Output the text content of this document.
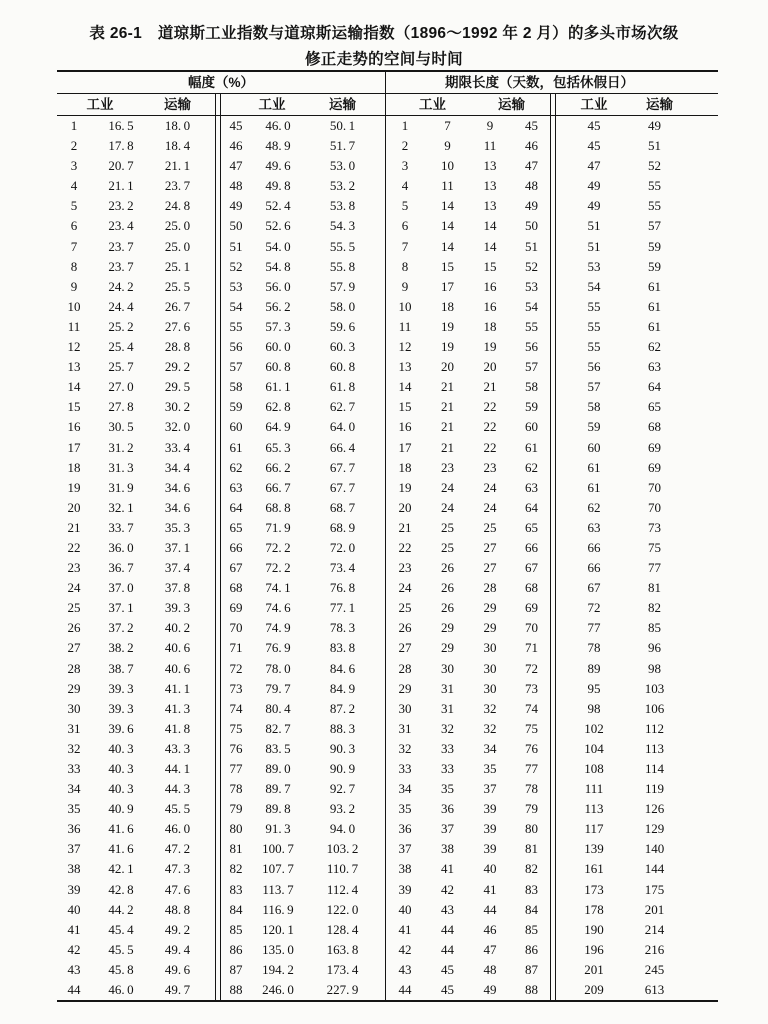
表 26-1　道琼斯工业指数与道琼斯运输指数（1896～1992 年 2 月）的多头市场次级
修正走势的空间与时间
幅度（%）	期限长度（天数，包括休假日）
工业	运输	工业	运输	工业	运输	工业	运输
1	16. 5	18. 0	45	46. 0	50. 1	1	7	9	45	45	49
2	17. 8	18. 4	46	48. 9	51. 7	2	9	11	46	45	51
3	20. 7	21. 1	47	49. 6	53. 0	3	10	13	47	47	52
4	21. 1	23. 7	48	49. 8	53. 2	4	11	13	48	49	55
5	23. 2	24. 8	49	52. 4	53. 8	5	14	13	49	49	55
6	23. 4	25. 0	50	52. 6	54. 3	6	14	14	50	51	57
7	23. 7	25. 0	51	54. 0	55. 5	7	14	14	51	51	59
8	23. 7	25. 1	52	54. 8	55. 8	8	15	15	52	53	59
9	24. 2	25. 5	53	56. 0	57. 9	9	17	16	53	54	61
10	24. 4	26. 7	54	56. 2	58. 0	10	18	16	54	55	61
11	25. 2	27. 6	55	57. 3	59. 6	11	19	18	55	55	61
12	25. 4	28. 8	56	60. 0	60. 3	12	19	19	56	55	62
13	25. 7	29. 2	57	60. 8	60. 8	13	20	20	57	56	63
14	27. 0	29. 5	58	61. 1	61. 8	14	21	21	58	57	64
15	27. 8	30. 2	59	62. 8	62. 7	15	21	22	59	58	65
16	30. 5	32. 0	60	64. 9	64. 0	16	21	22	60	59	68
17	31. 2	33. 4	61	65. 3	66. 4	17	21	22	61	60	69
18	31. 3	34. 4	62	66. 2	67. 7	18	23	23	62	61	69
19	31. 9	34. 6	63	66. 7	67. 7	19	24	24	63	61	70
20	32. 1	34. 6	64	68. 8	68. 7	20	24	24	64	62	70
21	33. 7	35. 3	65	71. 9	68. 9	21	25	25	65	63	73
22	36. 0	37. 1	66	72. 2	72. 0	22	25	27	66	66	75
23	36. 7	37. 4	67	72. 2	73. 4	23	26	27	67	66	77
24	37. 0	37. 8	68	74. 1	76. 8	24	26	28	68	67	81
25	37. 1	39. 3	69	74. 6	77. 1	25	26	29	69	72	82
26	37. 2	40. 2	70	74. 9	78. 3	26	29	29	70	77	85
27	38. 2	40. 6	71	76. 9	83. 8	27	29	30	71	78	96
28	38. 7	40. 6	72	78. 0	84. 6	28	30	30	72	89	98
29	39. 3	41. 1	73	79. 7	84. 9	29	31	30	73	95	103
30	39. 3	41. 3	74	80. 4	87. 2	30	31	32	74	98	106
31	39. 6	41. 8	75	82. 7	88. 3	31	32	32	75	102	112
32	40. 3	43. 3	76	83. 5	90. 3	32	33	34	76	104	113
33	40. 3	44. 1	77	89. 0	90. 9	33	33	35	77	108	114
34	40. 3	44. 3	78	89. 7	92. 7	34	35	37	78	111	119
35	40. 9	45. 5	79	89. 8	93. 2	35	36	39	79	113	126
36	41. 6	46. 0	80	91. 3	94. 0	36	37	39	80	117	129
37	41. 6	47. 2	81	100. 7	103. 2	37	38	39	81	139	140
38	42. 1	47. 3	82	107. 7	110. 7	38	41	40	82	161	144
39	42. 8	47. 6	83	113. 7	112. 4	39	42	41	83	173	175
40	44. 2	48. 8	84	116. 9	122. 0	40	43	44	84	178	201
41	45. 4	49. 2	85	120. 1	128. 4	41	44	46	85	190	214
42	45. 5	49. 4	86	135. 0	163. 8	42	44	47	86	196	216
43	45. 8	49. 6	87	194. 2	173. 4	43	45	48	87	201	245
44	46. 0	49. 7	88	246. 0	227. 9	44	45	49	88	209	613
